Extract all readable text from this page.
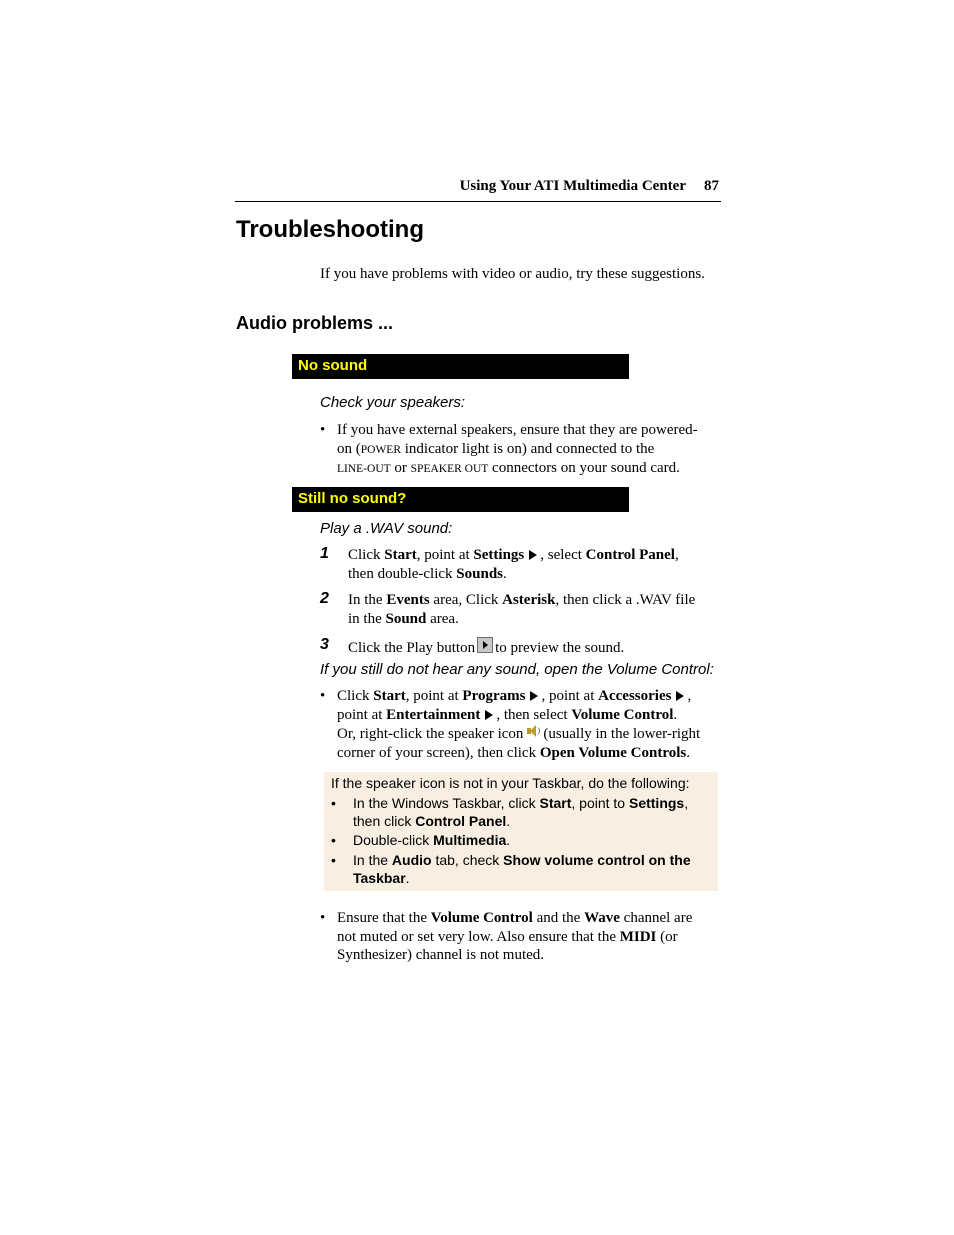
Using Your ATI Multimedia Center 87
Troubleshooting
If you have problems with video or audio, try these suggestions.
Audio problems ...
No sound
Check your speakers:
• If you have external speakers, ensure that they are powered-
on (POWER indicator light is on) and connected to the
LINE-OUT or SPEAKER OUT connectors on your sound card.
Still no sound?
Play a .WAV sound:
1 Click Start, point at Settings , select Control Panel,
then double-click Sounds.
2 In the Events area, Click Asterisk, then click a .WAV file
in the Sound area.
3 Click the Play button to preview the sound.
If you still do not hear any sound, open the Volume Control:
• Click Start, point at Programs , point at Accessories ,
point at Entertainment , then select Volume Control.
Or, right-click the speaker icon (usually in the lower-right
corner of your screen), then click Open Volume Controls.
If the speaker icon is not in your Taskbar, do the following:
• In the Windows Taskbar, click Start, point to Settings,
then click Control Panel.
• Double-click Multimedia.
• In the Audio tab, check Show volume control on the
Taskbar.
• Ensure that the Volume Control and the Wave channel are
not muted or set very low. Also ensure that the MIDI (or
Synthesizer) channel is not muted.
